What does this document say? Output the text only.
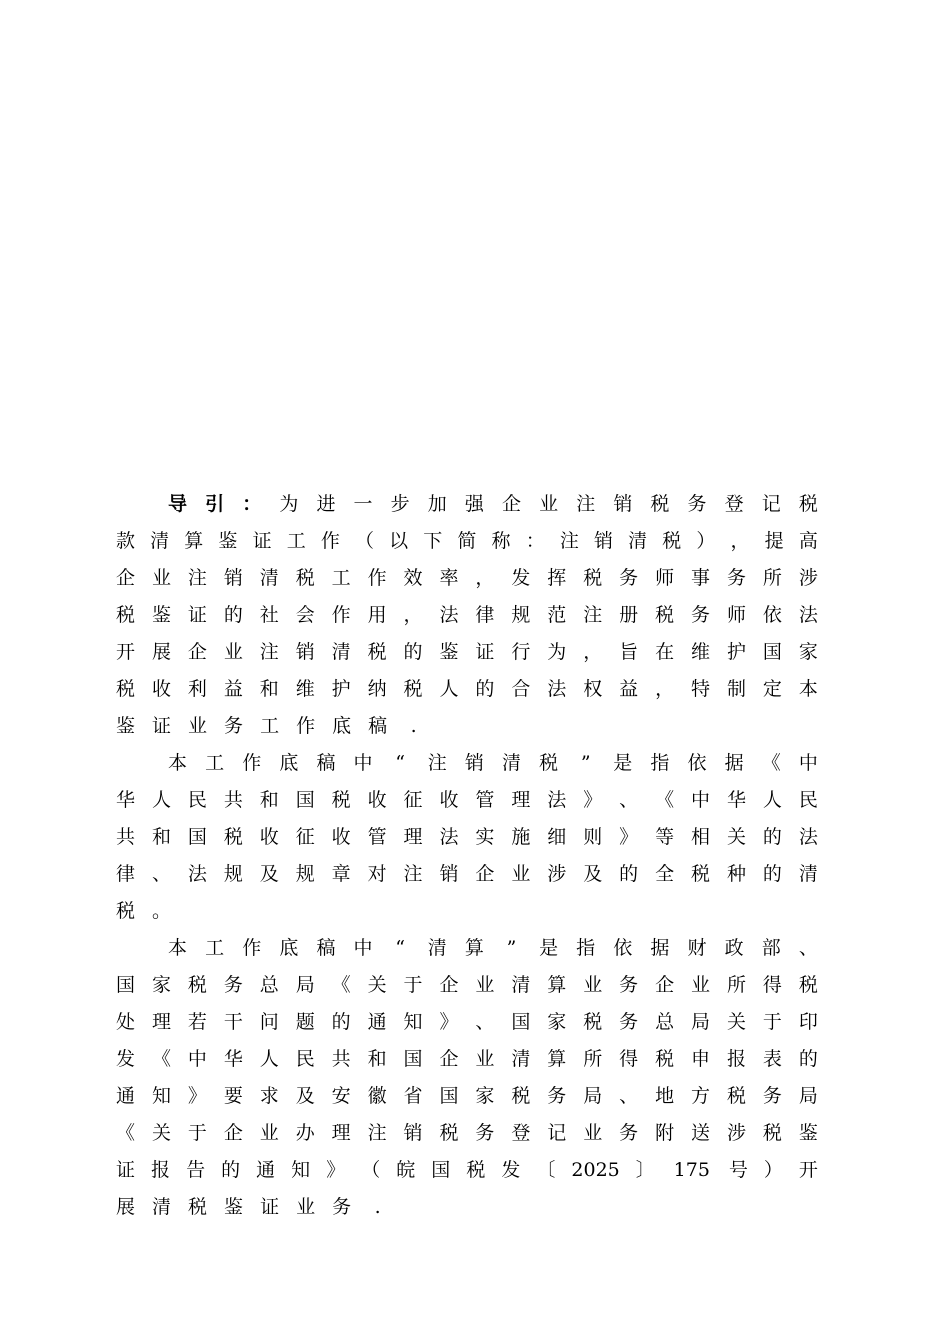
导 引 ： 为 进 一 步 加 强 企 业 注 销 税 务 登 记 税
款 清 算 鉴 证 工 作 （ 以 下 简 称 ： 注 销 清 税 ） ， 提 高
企 业 注 销 清 税 工 作 效 率 ， 发 挥 税 务 师 事 务 所 涉
税 鉴 证 的 社 会 作 用 ， 法 律 规 范 注 册 税 务 师 依 法
开 展 企 业 注 销 清 税 的 鉴 证 行 为 ， 旨 在 维 护 国 家
税 收 利 益 和 维 护 纳 税 人 的 合 法 权 益 ， 特 制 定 本
鉴 证 业 务 工 作 底 稿	.
本 工 作 底 稿 中 “ 注 销 清 税 ” 是 指 依 据 《 中
华 人 民 共 和 国 税 收 征 收 管 理 法 》 、 《 中 华 人 民
共 和 国 税 收 征 收 管 理 法 实 施 细 则 》 等 相 关 的 法
律 、 法 规 及 规 章 对 注 销 企 业 涉 及 的 全 税 种 的 清
税 。
本 工 作 底 稿 中 “ 清 算 ” 是 指 依 据 财 政 部 、
国 家 税 务 总 局 《 关 于 企 业 清 算 业 务 企 业 所 得 税
处 理 若 干 问 题 的 通 知 》 、 国 家 税 务 总 局 关 于 印
发 《 中 华 人 民 共 和 国 企 业 清 算 所 得 税 申 报 表 的
通 知 》 要 求 及 安 徽 省 国 家 税 务 局 、 地 方 税 务 局
《 关 于 企 业 办 理 注 销 税 务 登 记 业 务 附 送 涉 税 鉴
证 报 告 的 通 知 》 （ 皖 国 税 发 〔 2025 〕 175 号 ） 开
展 清 税 鉴 证 业 务	.
